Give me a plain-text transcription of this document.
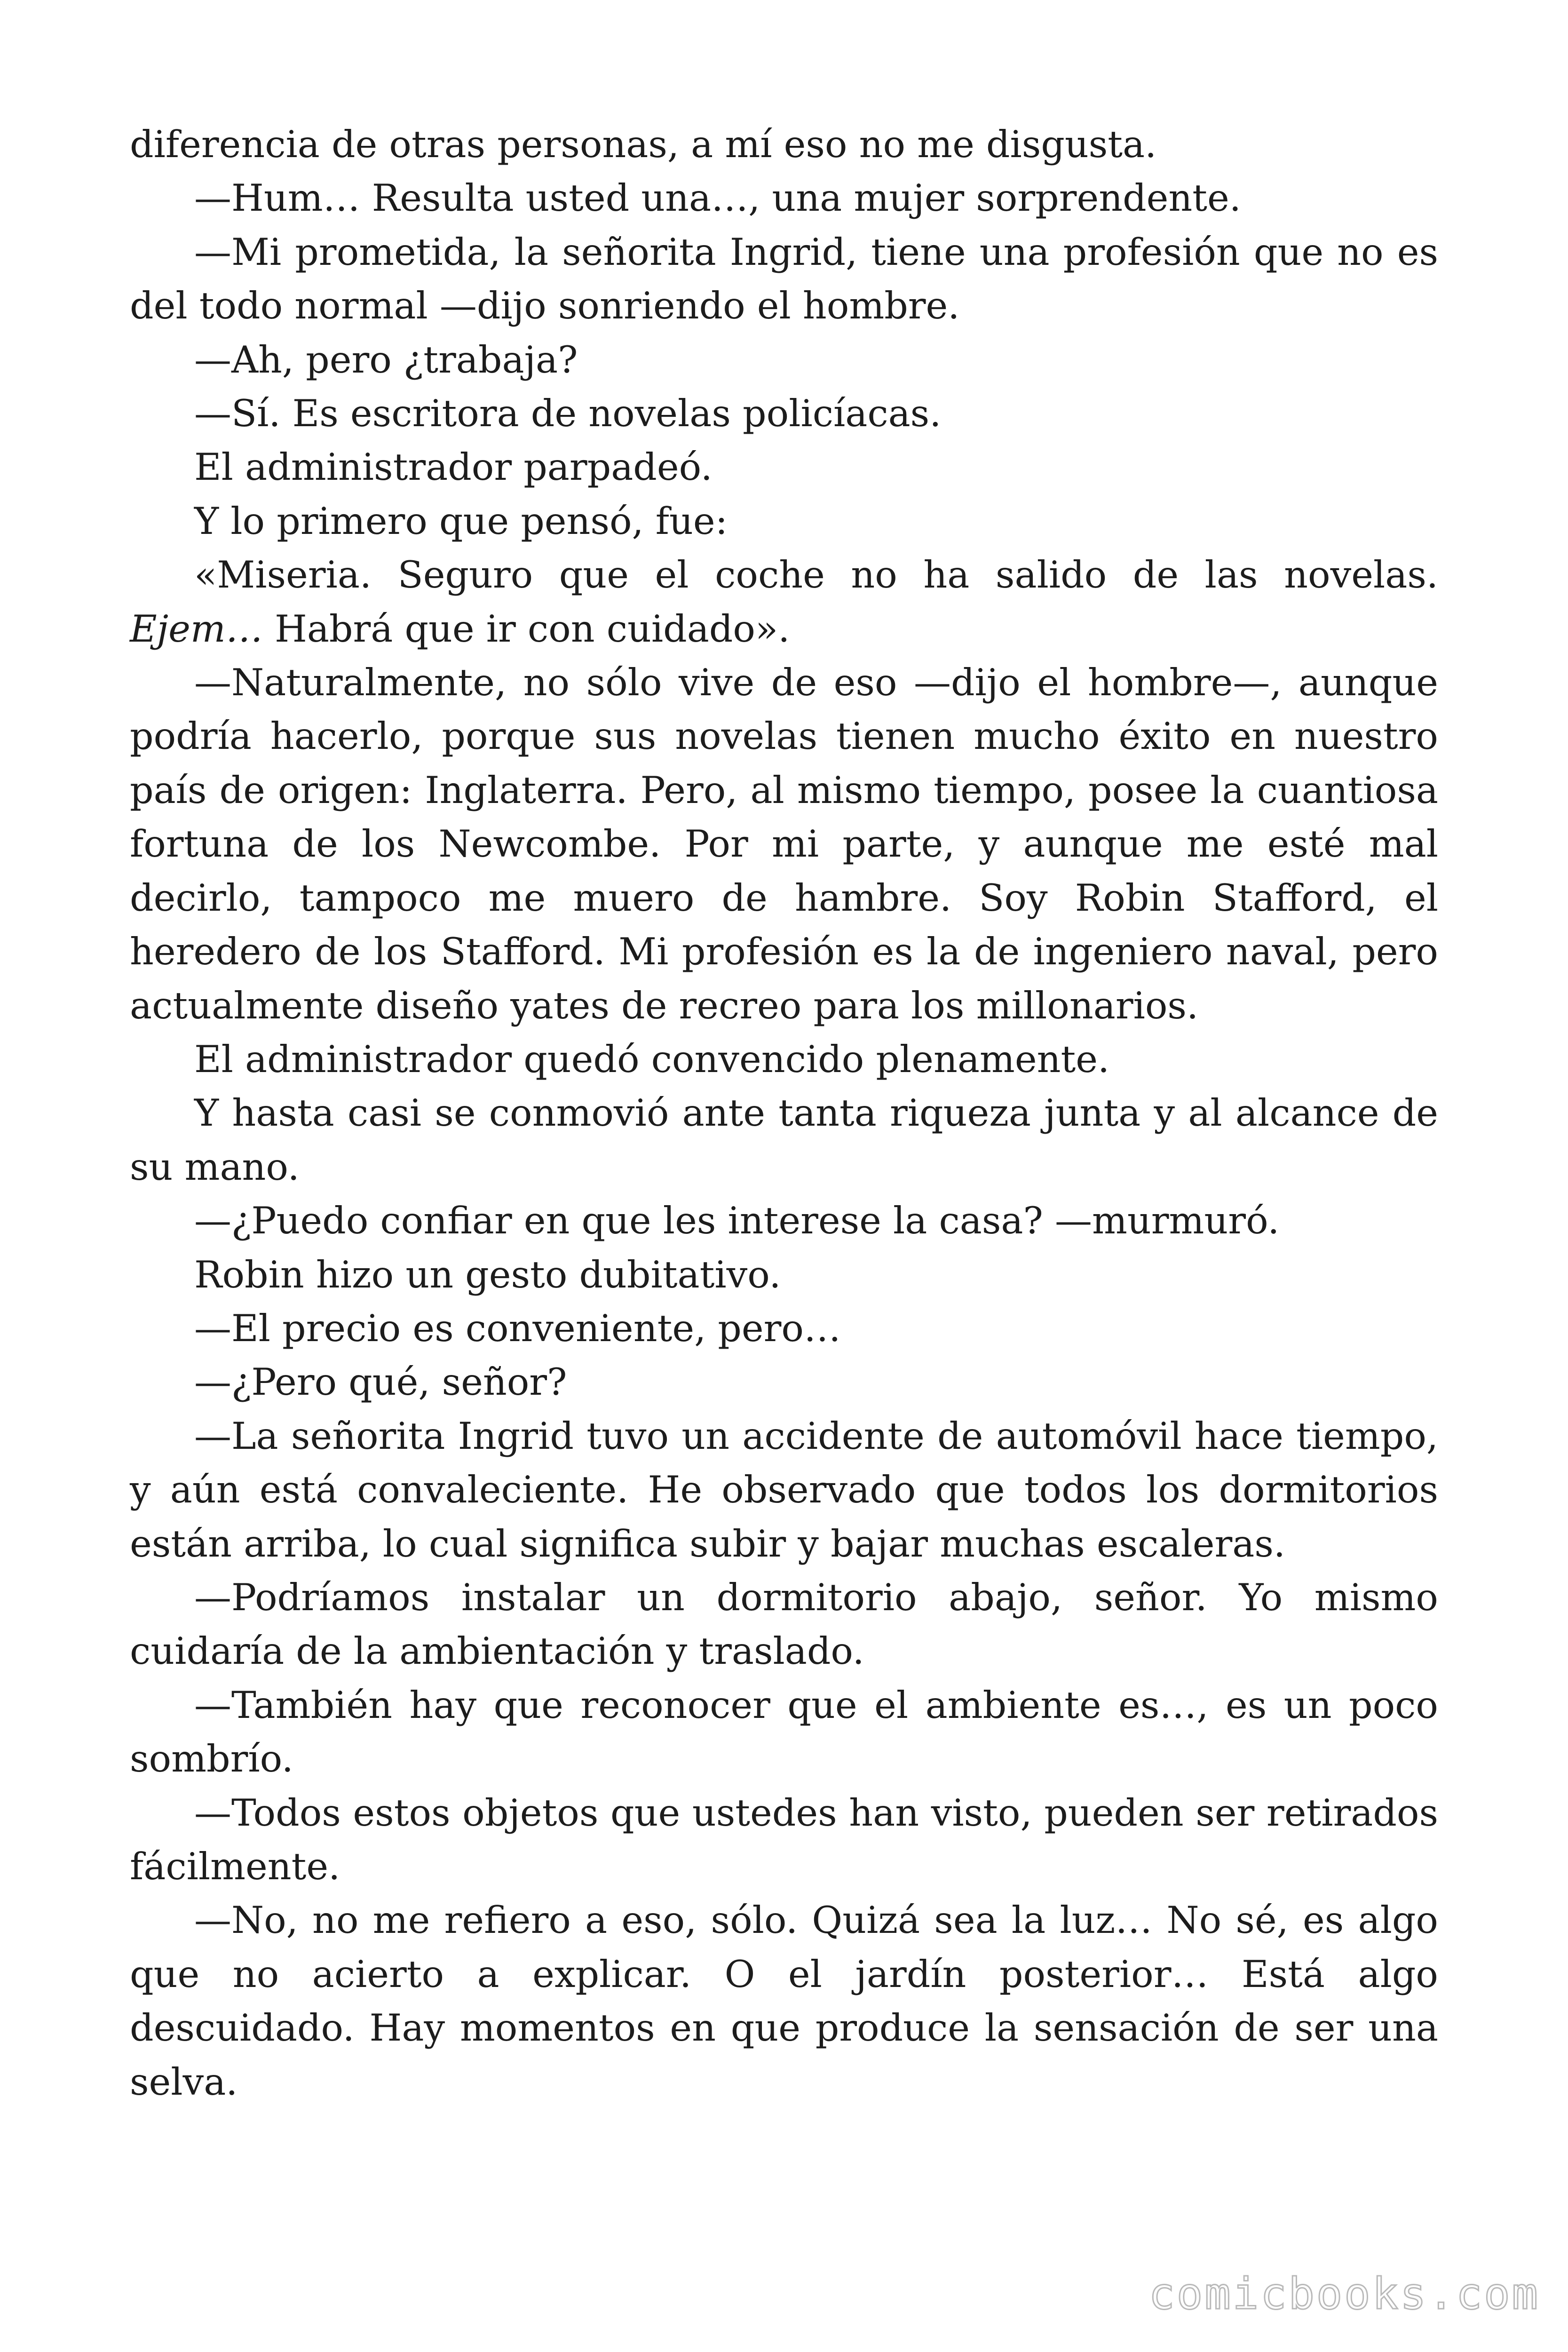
diferencia de otras personas, a mí eso no me disgusta.

—Hum… Resulta usted una…, una mujer sorprendente.

—Mi prometida, la señorita Ingrid, tiene una profesión que no es del todo normal —dijo sonriendo el hombre.

—Ah, pero ¿trabaja?

—Sí. Es escritora de novelas policíacas.

El administrador parpadeó.

Y lo primero que pensó, fue:

«Miseria. Seguro que el coche no ha salido de las novelas. Ejem… Habrá que ir con cuidado».

—Naturalmente, no sólo vive de eso —dijo el hombre—, aunque podría hacerlo, porque sus novelas tienen mucho éxito en nuestro país de origen: Inglaterra. Pero, al mismo tiempo, posee la cuantiosa fortuna de los Newcombe. Por mi parte, y aunque me esté mal decirlo, tampoco me muero de hambre. Soy Robin Stafford, el heredero de los Stafford. Mi profesión es la de ingeniero naval, pero actualmente diseño yates de recreo para los millonarios.

El administrador quedó convencido plenamente.

Y hasta casi se conmovió ante tanta riqueza junta y al alcance de su mano.

—¿Puedo confiar en que les interese la casa? —murmuró.

Robin hizo un gesto dubitativo.

—El precio es conveniente, pero…

—¿Pero qué, señor?

—La señorita Ingrid tuvo un accidente de automóvil hace tiempo, y aún está convaleciente. He observado que todos los dormitorios están arriba, lo cual significa subir y bajar muchas escaleras.

—Podríamos instalar un dormitorio abajo, señor. Yo mismo cuidaría de la ambientación y traslado.

—También hay que reconocer que el ambiente es…, es un poco sombrío.

—Todos estos objetos que ustedes han visto, pueden ser retirados fácilmente.

—No, no me refiero a eso, sólo. Quizá sea la luz… No sé, es algo que no acierto a explicar. O el jardín posterior… Está algo descuidado. Hay momentos en que produce la sensación de ser una selva.

comicbooks.com
